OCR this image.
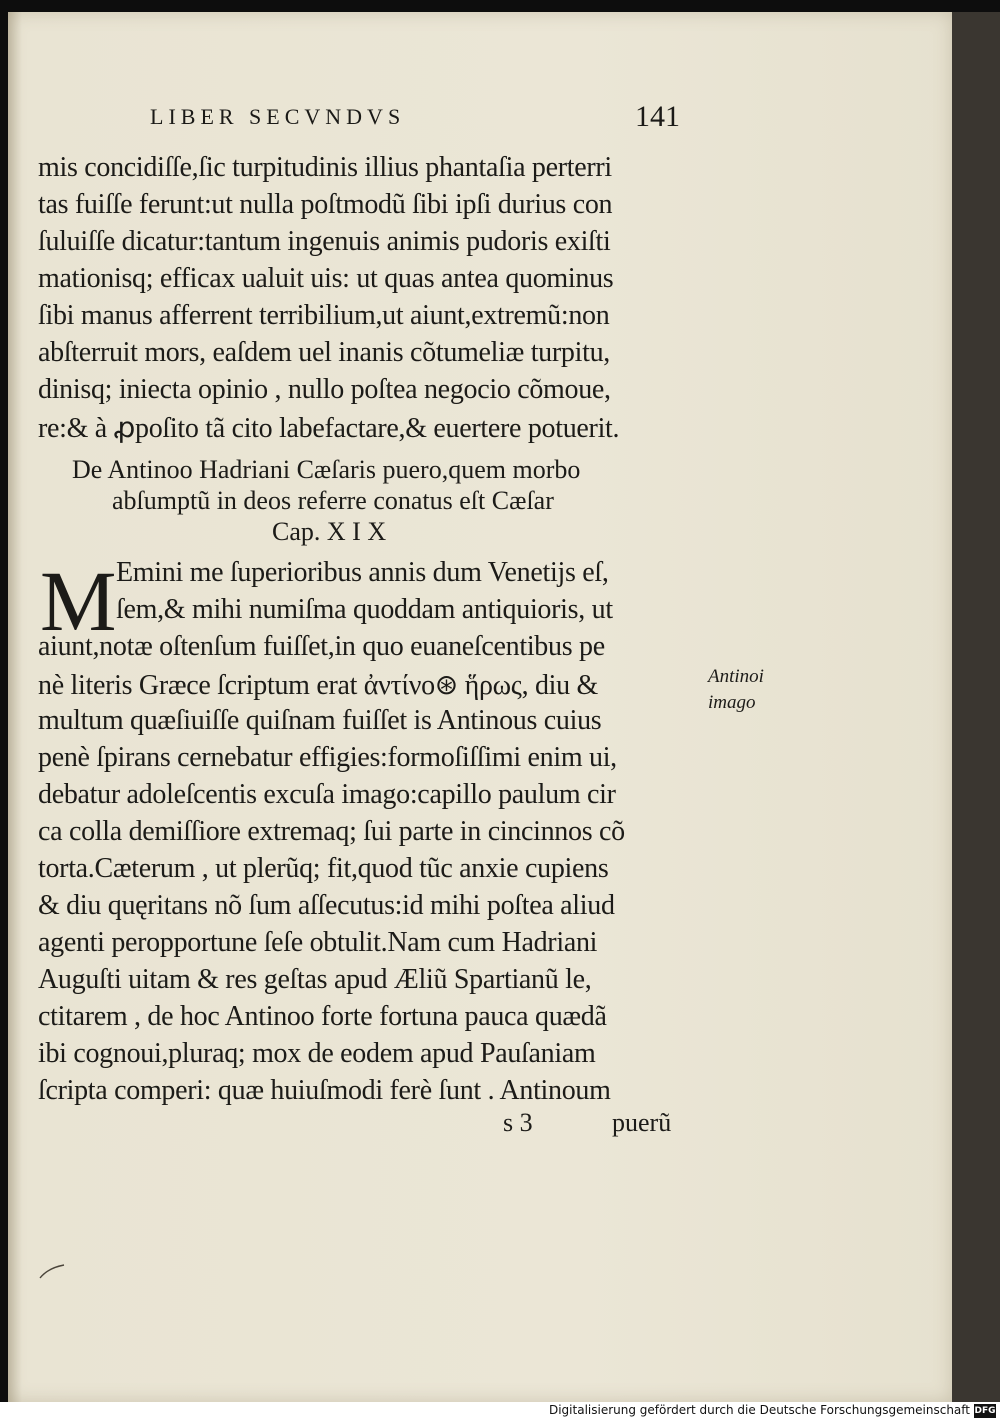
LIBER SECVNDVS	141
mis concidiſſe,ſic turpitudinis illius phantaſia perterri
tas fuiſſe ferunt:ut nulla poſtmodũ ſibi ipſi durius con
ſuluiſſe dicatur:tantum ingenuis animis pudoris exiſti
mationisq; efficax ualuit uis: ut quas antea quominus
ſibi manus afferrent terribilium,ut aiunt,extremũ:non
abſterruit mors, eaſdem uel inanis cõtumeliæ turpitu,
dinisq; iniecta opinio , nullo poſtea negocio cõmoue,
re:& à ꝓpoſito tã cito labefactare,& euertere potuerit.
De Antinoo Hadriani Cæſaris puero,quem morbo
abſumptũ in deos referre conatus eſt Cæſar
Cap. X I X
M Emini me ſuperioribus annis dum Venetijs eſ,
ſem,& mihi numiſma quoddam antiquioris, ut
aiunt,notæ oſtenſum fuiſſet,in quo euaneſcentibus pe
nè literis Græce ſcriptum erat ἀντίνο⊛ ἥρως, diu &
multum quæſiuiſſe quiſnam fuiſſet is Antinous cuius
penè ſpirans cernebatur effigies:formoſiſſimi enim ui,
debatur adoleſcentis excuſa imago:capillo paulum cir
ca colla demiſſiore extremaq; ſui parte in cincinnos cõ
torta.Cæterum , ut plerũq; fit,quod tũc anxie cupiens
& diu quęritans nõ ſum aſſecutus:id mihi poſtea aliud
agenti peropportune ſeſe obtulit.Nam cum Hadriani
Auguſti uitam & res geſtas apud Æliũ Spartianũ le,
ctitarem , de hoc Antinoo forte fortuna pauca quædã
ibi cognoui,pluraq; mox de eodem apud Pauſaniam
ſcripta comperi: quæ huiuſmodi ferè ſunt . Antinoum
Antinoi
imago
s 3	puerũ
Digitalisierung gefördert durch die Deutsche Forschungsgemeinschaft DFG
